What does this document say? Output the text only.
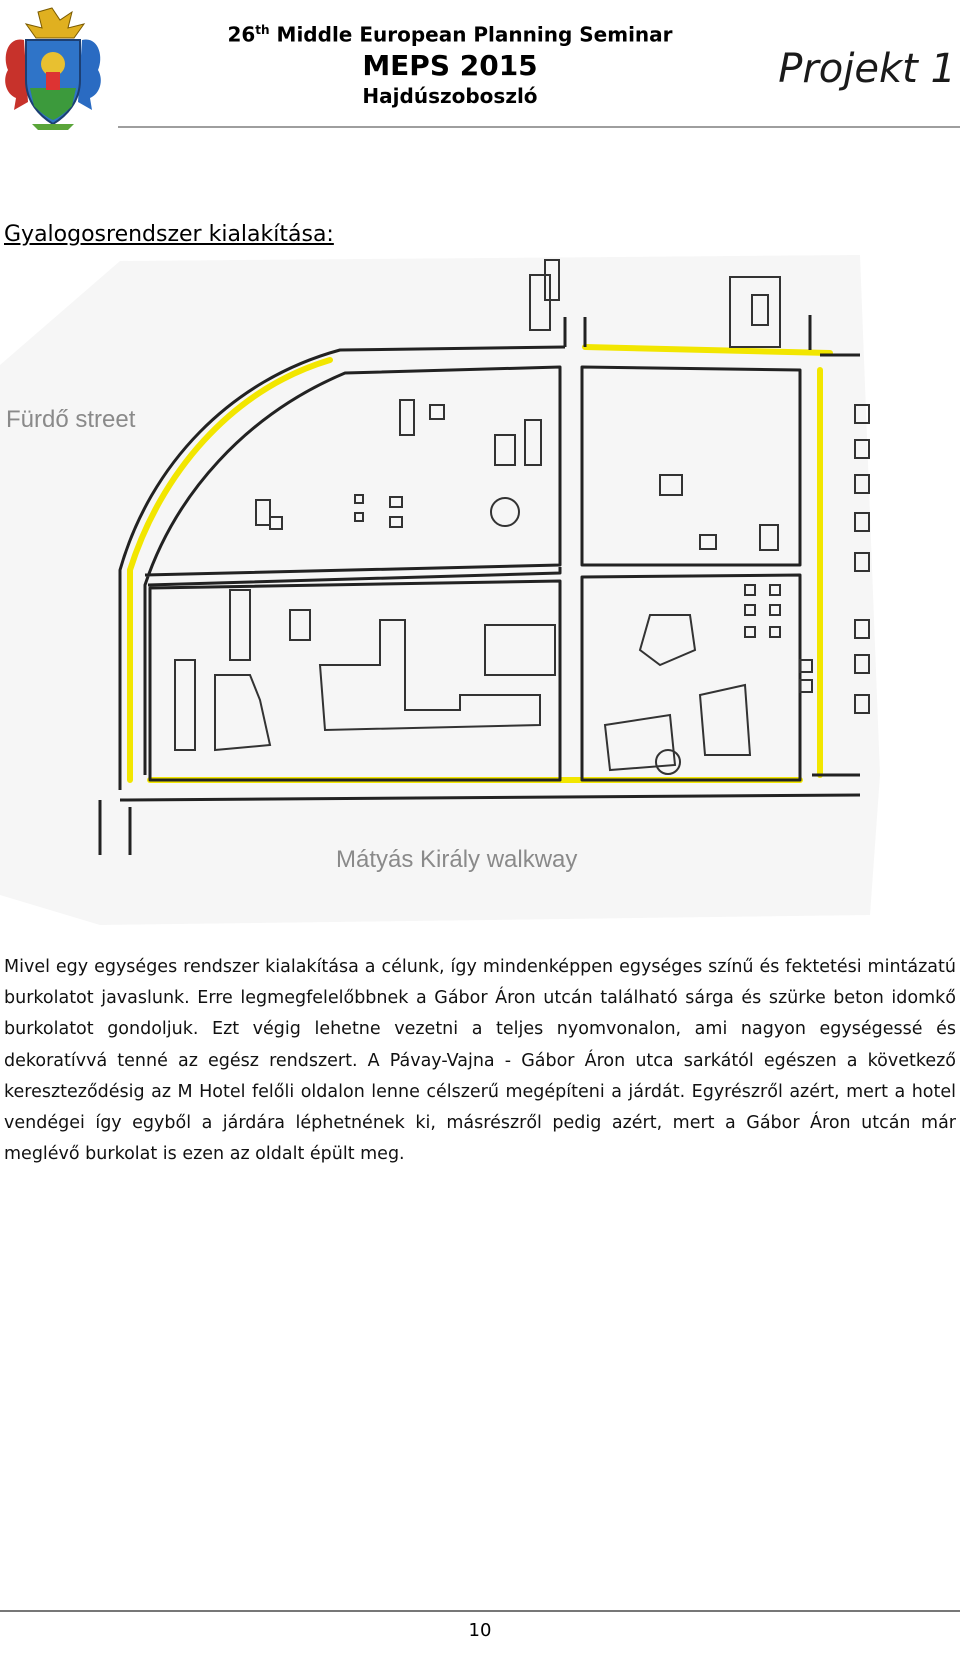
26th Middle European Planning Seminar
MEPS 2015
Hajdúszoboszló
Projekt 1
Gyalogosrendszer kialakítása:
Fürdő street
Mátyás Király walkway
Mivel egy egységes rendszer kialakítása a célunk, így mindenképpen egységes színű és fektetési mintázatú burkolatot javaslunk. Erre legmegfelelőbbnek a Gábor Áron utcán található sárga és szürke beton idomkő burkolatot gondoljuk. Ezt végig lehetne vezetni a teljes nyomvonalon, ami nagyon egységessé és dekoratívvá tenné az egész rendszert. A Pávay-Vajna - Gábor Áron utca sarkától egészen a következő kereszteződésig az M Hotel felőli oldalon lenne célszerű megépíteni a járdát. Egyrészről azért, mert a hotel vendégei így egyből a járdára léphetnének ki, másrészről pedig azért, mert a Gábor Áron utcán már meglévő burkolat is ezen az oldalt épült meg.
10
